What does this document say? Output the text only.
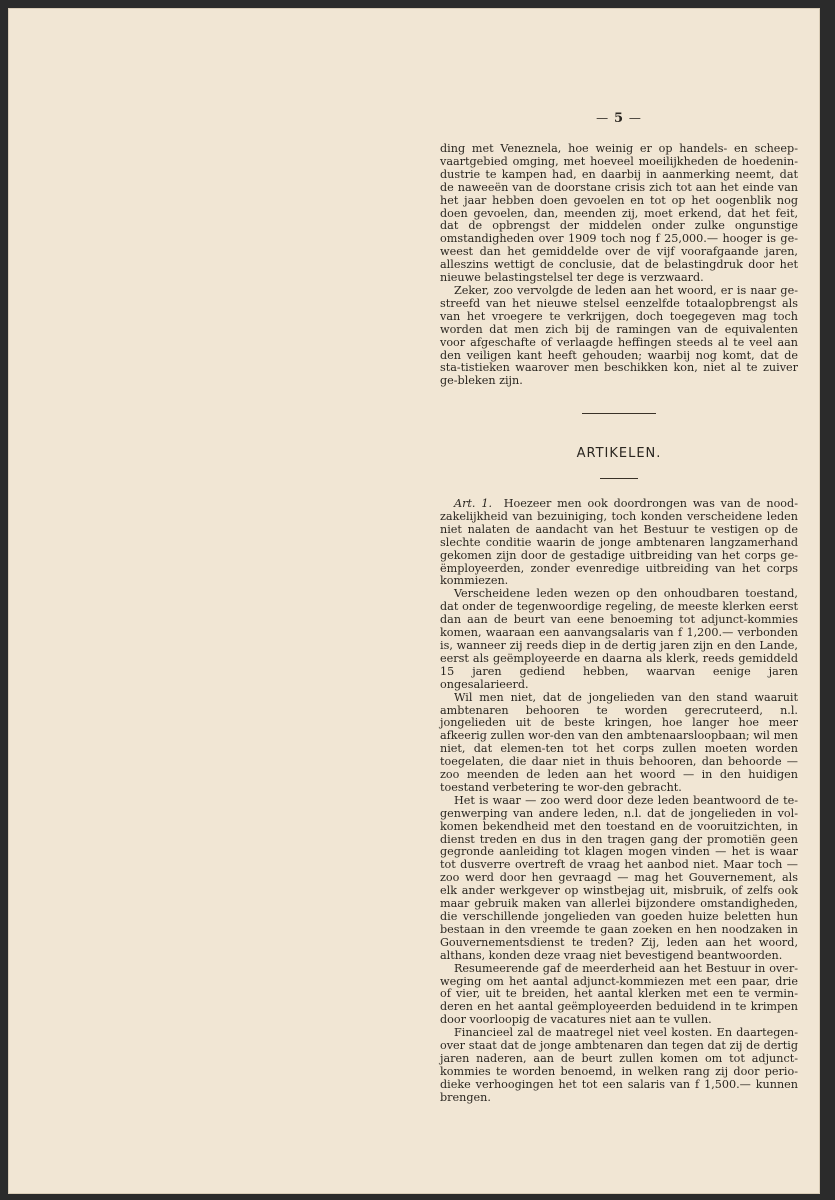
— 5 —

ding met Veneznela, hoe weinig er op handels- en scheep-vaartgebied omging, met hoeveel moeilijkheden de hoedenin-dustrie te kampen had, en daarbij in aanmerking neemt, dat de naweeën van de doorstane crisis zich tot aan het einde van het jaar hebben doen gevoelen en tot op het oogenblik nog doen gevoelen, dan, meenden zij, moet erkend, dat het feit, dat de opbrengst der middelen onder zulke ongunstige omstandigheden over 1909 toch nog f 25,000.— hooger is ge-weest dan het gemiddelde over de vijf voorafgaande jaren, alleszins wettigt de conclusie, dat de belastingdruk door het nieuwe belastingstelsel ter dege is verzwaard.

Zeker, zoo vervolgde de leden aan het woord, er is naar ge-streefd van het nieuwe stelsel eenzelfde totaalopbrengst als van het vroegere te verkrijgen, doch toegegeven mag toch worden dat men zich bij de ramingen van de equivalenten voor afgeschafte of verlaagde heffingen steeds al te veel aan den veiligen kant heeft gehouden; waarbij nog komt, dat de sta-tistieken waarover men beschikken kon, niet al te zuiver ge-bleken zijn.

ARTIKELEN.

Art. 1. Hoezeer men ook doordrongen was van de nood-zakelijkheid van bezuiniging, toch konden verscheidene leden niet nalaten de aandacht van het Bestuur te vestigen op de slechte conditie waarin de jonge ambtenaren langzamerhand gekomen zijn door de gestadige uitbreiding van het corps ge-ëmployeerden, zonder evenredige uitbreiding van het corps kommiezen.

Verscheidene leden wezen op den onhoudbaren toestand, dat onder de tegenwoordige regeling, de meeste klerken eerst dan aan de beurt van eene benoeming tot adjunct-kommies komen, waaraan een aanvangsalaris van f 1,200.— verbonden is, wanneer zij reeds diep in de dertig jaren zijn en den Lande, eerst als geëmployeerde en daarna als klerk, reeds gemiddeld 15 jaren gediend hebben, waarvan eenige jaren ongesalarieerd.

Wil men niet, dat de jongelieden van den stand waaruit ambtenaren behooren te worden gerecruteerd, n.l. jongelieden uit de beste kringen, hoe langer hoe meer afkeerig zullen wor-den van den ambtenaarsloopbaan; wil men niet, dat elemen-ten tot het corps zullen moeten worden toegelaten, die daar niet in thuis behooren, dan behoorde — zoo meenden de leden aan het woord — in den huidigen toestand verbetering te wor-den gebracht.

Het is waar — zoo werd door deze leden beantwoord de te-genwerping van andere leden, n.l. dat de jongelieden in vol-komen bekendheid met den toestand en de vooruitzichten, in dienst treden en dus in den tragen gang der promotiën geen gegronde aanleiding tot klagen mogen vinden — het is waar tot dusverre overtreft de vraag het aanbod niet. Maar toch — zoo werd door hen gevraagd — mag het Gouvernement, als elk ander werkgever op winstbejag uit, misbruik, of zelfs ook maar gebruik maken van allerlei bijzondere omstandigheden, die verschillende jongelieden van goeden huize beletten hun bestaan in den vreemde te gaan zoeken en hen noodzaken in Gouvernementsdienst te treden? Zij, leden aan het woord, althans, konden deze vraag niet bevestigend beantwoorden.

Resumeerende gaf de meerderheid aan het Bestuur in over-weging om het aantal adjunct-kommiezen met een paar, drie of vier, uit te breiden, het aantal klerken met een te vermin-deren en het aantal geëmployeerden beduidend in te krimpen door voorloopig de vacatures niet aan te vullen.

Financieel zal de maatregel niet veel kosten. En daartegen-over staat dat de jonge ambtenaren dan tegen dat zij de dertig jaren naderen, aan de beurt zullen komen om tot adjunct-kommies te worden benoemd, in welken rang zij door perio-dieke verhoogingen het tot een salaris van f 1,500.— kunnen brengen.
